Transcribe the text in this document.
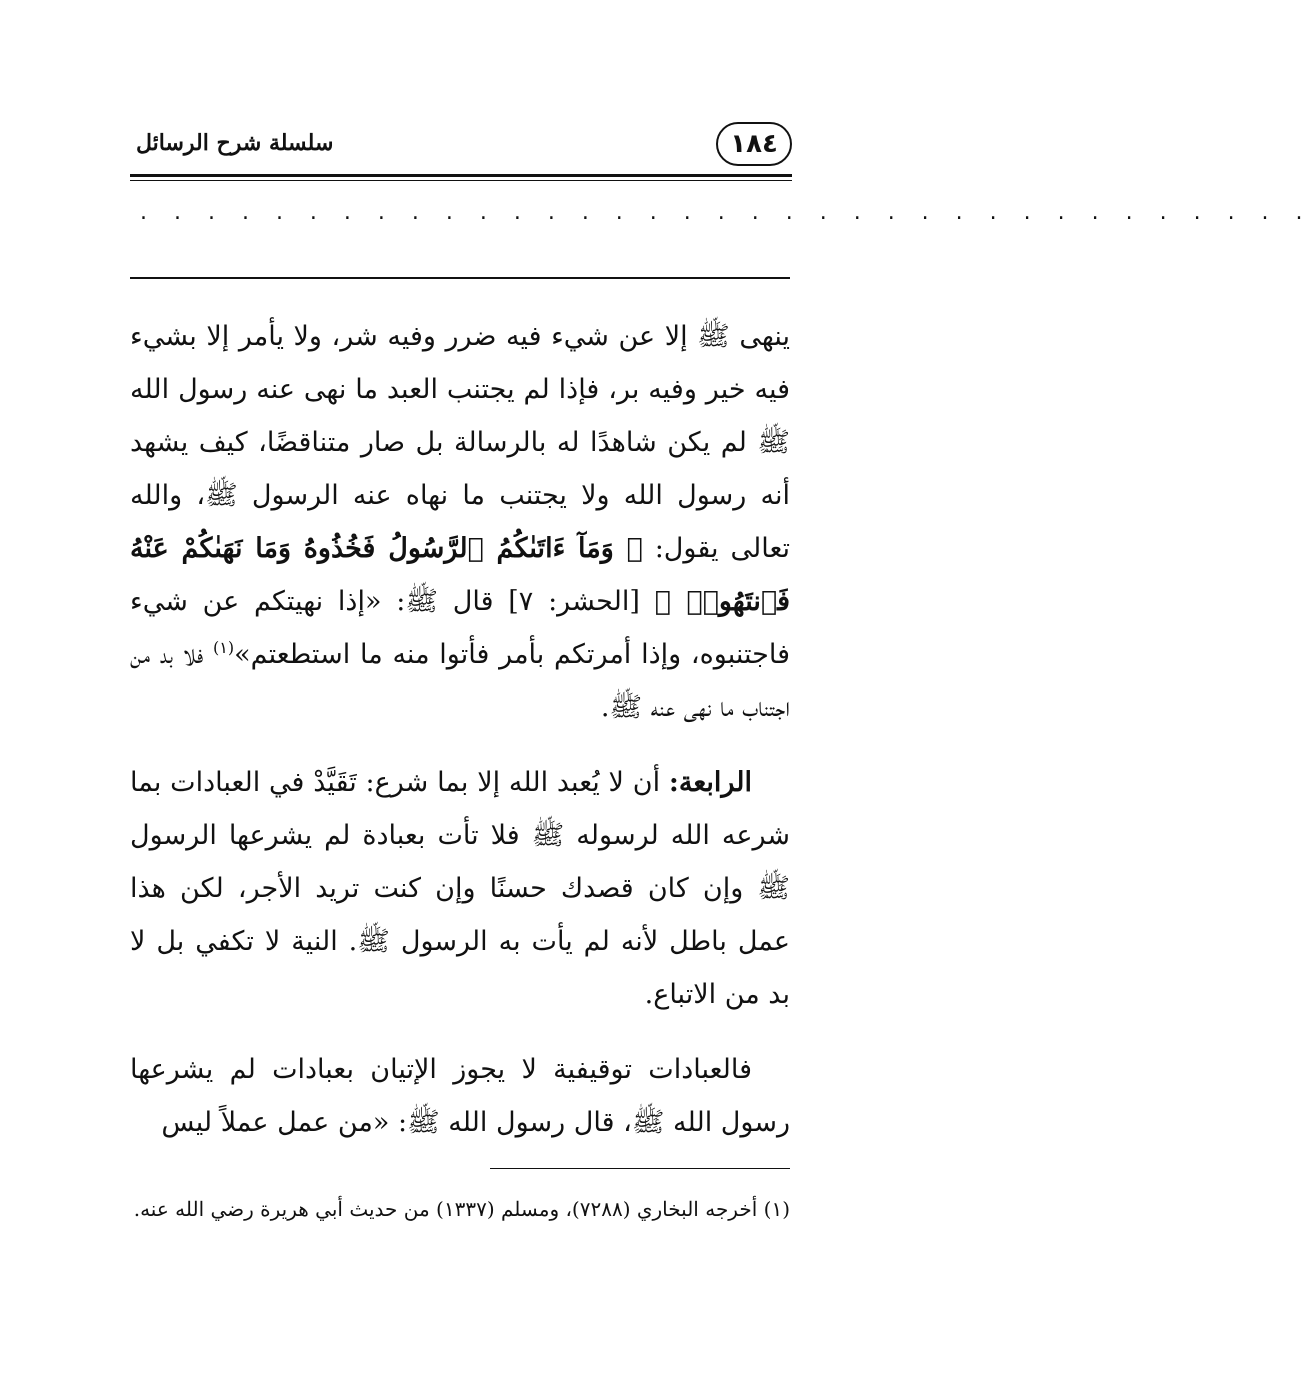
١٨٤
سلسلة شرح الرسائل
. . . . . . . . . . . . . . . . . . . . . . . . . . . . . . . . . . .

ينهى ﷺ إلا عن شيء فيه ضرر وفيه شر، ولا يأمر إلا بشيء فيه خير وفيه بر، فإذا لم يجتنب العبد ما نهى عنه رسول الله ﷺ لم يكن شاهدًا له بالرسالة بل صار متناقضًا، كيف يشهد أنه رسول الله ولا يجتنب ما نهاه عنه الرسول ﷺ، والله تعالى يقول: ﴿ وَمَآ ءَاتَىٰكُمُ ٱلرَّسُولُ فَخُذُوهُ وَمَا نَهَىٰكُمْ عَنْهُ فَٱنتَهُوا۟ ﴾ [الحشر: ٧] قال ﷺ: «إذا نهيتكم عن شيء فاجتنبوه، وإذا أمرتكم بأمر فأتوا منه ما استطعتم»$^{(١)}$ فلا بد من اجتناب ما نهى عنه ﷺ.

الرابعة: أن لا يُعبد الله إلا بما شرع: تَقَيَّدْ في العبادات بما شرعه الله لرسوله ﷺ فلا تأت بعبادة لم يشرعها الرسول ﷺ وإن كان قصدك حسنًا وإن كنت تريد الأجر، لكن هذا عمل باطل لأنه لم يأت به الرسول ﷺ. النية لا تكفي بل لا بد من الاتباع.

فالعبادات توقيفية لا يجوز الإتيان بعبادات لم يشرعها رسول الله ﷺ، قال رسول الله ﷺ: «من عمل عملاً ليس

(١) أخرجه البخاري (٧٢٨٨)، ومسلم (١٣٣٧) من حديث أبي هريرة رضي الله عنه.
